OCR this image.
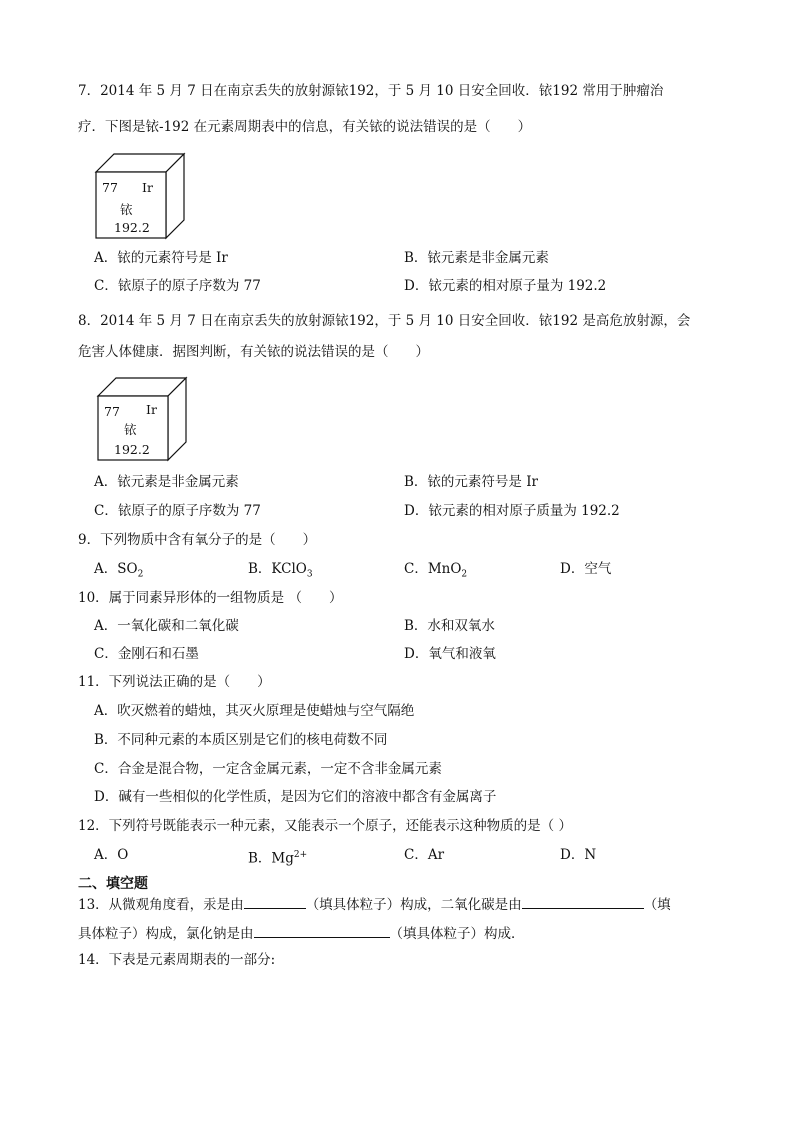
7．2014 年 5 月 7 日在南京丢失的放射源铱192，于 5 月 10 日安全回收．铱192 常用于肿瘤治
疗．下图是铱-192 在元素周期表中的信息，有关铱的说法错误的是（　　）
77 Ir
铱
192.2
A．铱的元素符号是 Ir	B．铱元素是非金属元素
C．铱原子的原子序数为 77	D．铱元素的相对原子量为 192.2
8．2014 年 5 月 7 日在南京丢失的放射源铱192，于 5 月 10 日安全回收．铱192 是高危放射源，会
危害人体健康．据图判断，有关铱的说法错误的是（　　）
77 Ir
铱
192.2
A．铱元素是非金属元素	B．铱的元素符号是 Ir
C．铱原子的原子序数为 77	D．铱元素的相对原子质量为 192.2
9．下列物质中含有氧分子的是（　　）
A．$SO_2$	B．KClO$_3$	C．MnO$_2$	D．空气
10．属于同素异形体的一组物质是 （　　）
A．一氧化碳和二氧化碳	B．水和双氧水
C．金刚石和石墨	D．氧气和液氧
11．下列说法正确的是（　　）
A．吹灭燃着的蜡烛，其灭火原理是使蜡烛与空气隔绝
B．不同种元素的本质区别是它们的核电荷数不同
C．合金是混合物，一定含金属元素，一定不含非金属元素
D．碱有一些相似的化学性质，是因为它们的溶液中都含有金属离子
12．下列符号既能表示一种元素，又能表示一个原子，还能表示这种物质的是（ ）
A．O	B．$Mg^{2+}$	C．Ar	D．N
二、填空题
13．从微观角度看，汞是由	（填具体粒子）构成，二氧化碳是由	（填
具体粒子）构成，氯化钠是由	（填具体粒子）构成．
14．下表是元素周期表的一部分:
